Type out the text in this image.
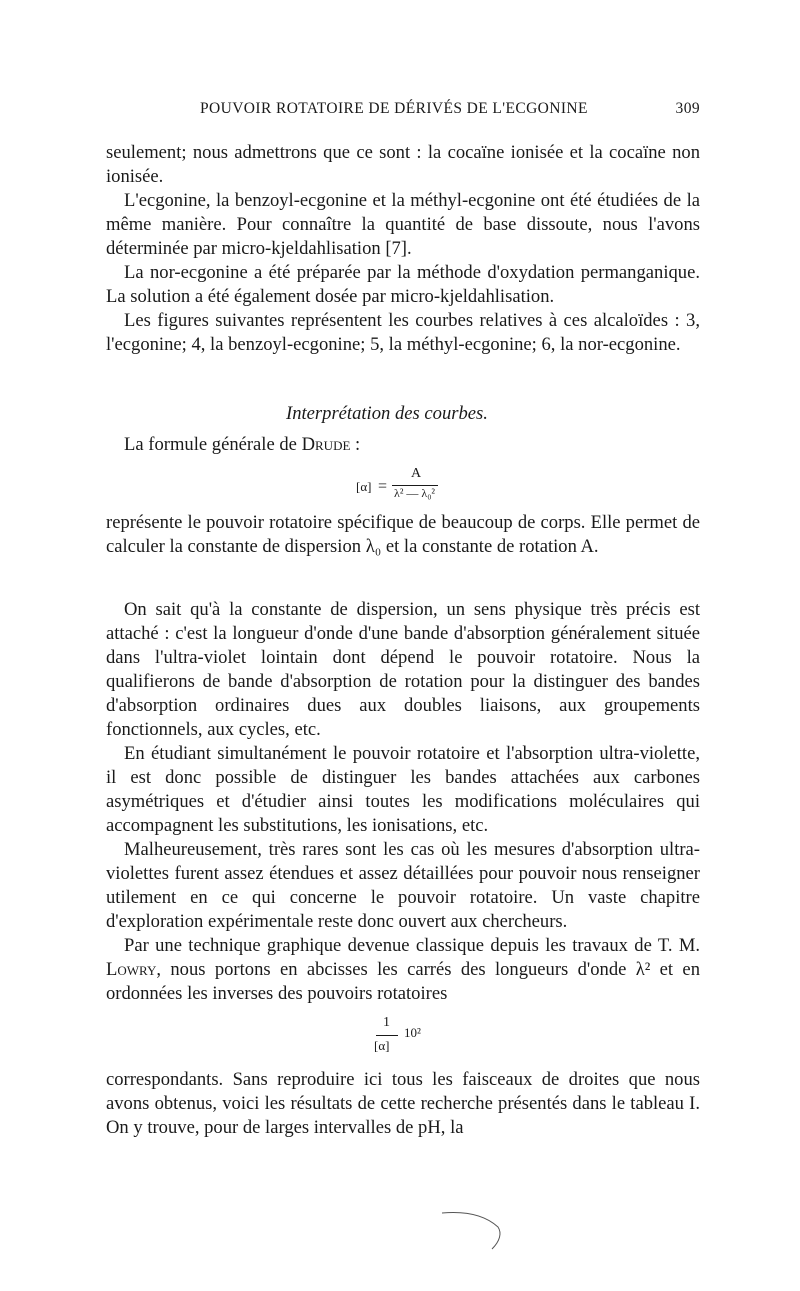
POUVOIR ROTATOIRE DE DÉRIVÉS DE L'ECGONINE	309

seulement; nous admettrons que ce sont : la cocaïne ionisée et la cocaïne non ionisée.

L'ecgonine, la benzoyl-ecgonine et la méthyl-ecgonine ont été étudiées de la même manière. Pour connaître la quantité de base dissoute, nous l'avons déterminée par micro-kjeldahlisation [7].

La nor-ecgonine a été préparée par la méthode d'oxydation permanganique. La solution a été également dosée par micro-kjeldahlisation.

Les figures suivantes représentent les courbes relatives à ces alcaloïdes : 3, l'ecgonine; 4, la benzoyl-ecgonine; 5, la méthyl-ecgonine; 6, la nor-ecgonine.

Interprétation des courbes.

La formule générale de Drude :

[α] =
A
λ² — λ₀²

représente le pouvoir rotatoire spécifique de beaucoup de corps. Elle permet de calculer la constante de dispersion λ₀ et la constante de rotation A.

On sait qu'à la constante de dispersion, un sens physique très précis est attaché : c'est la longueur d'onde d'une bande d'absorption généralement située dans l'ultra-violet lointain dont dépend le pouvoir rotatoire. Nous la qualifierons de bande d'absorption de rotation pour la distinguer des bandes d'absorption ordinaires dues aux doubles liaisons, aux groupements fonctionnels, aux cycles, etc.

En étudiant simultanément le pouvoir rotatoire et l'absorption ultra-violette, il est donc possible de distinguer les bandes attachées aux carbones asymétriques et d'étudier ainsi toutes les modifications moléculaires qui accompagnent les substitutions, les ionisations, etc.

Malheureusement, très rares sont les cas où les mesures d'absorption ultra-violettes furent assez étendues et assez détaillées pour pouvoir nous renseigner utilement en ce qui concerne le pouvoir rotatoire. Un vaste chapitre d'exploration expérimentale reste donc ouvert aux chercheurs.

Par une technique graphique devenue classique depuis les travaux de T. M. Lowry, nous portons en abcisses les carrés des longueurs d'onde λ² et en ordonnées les inverses des pouvoirs rotatoires

1
[α]
10²

correspondants. Sans reproduire ici tous les faisceaux de droites que nous avons obtenus, voici les résultats de cette recherche présentés dans le tableau I. On y trouve, pour de larges intervalles de pH, la
